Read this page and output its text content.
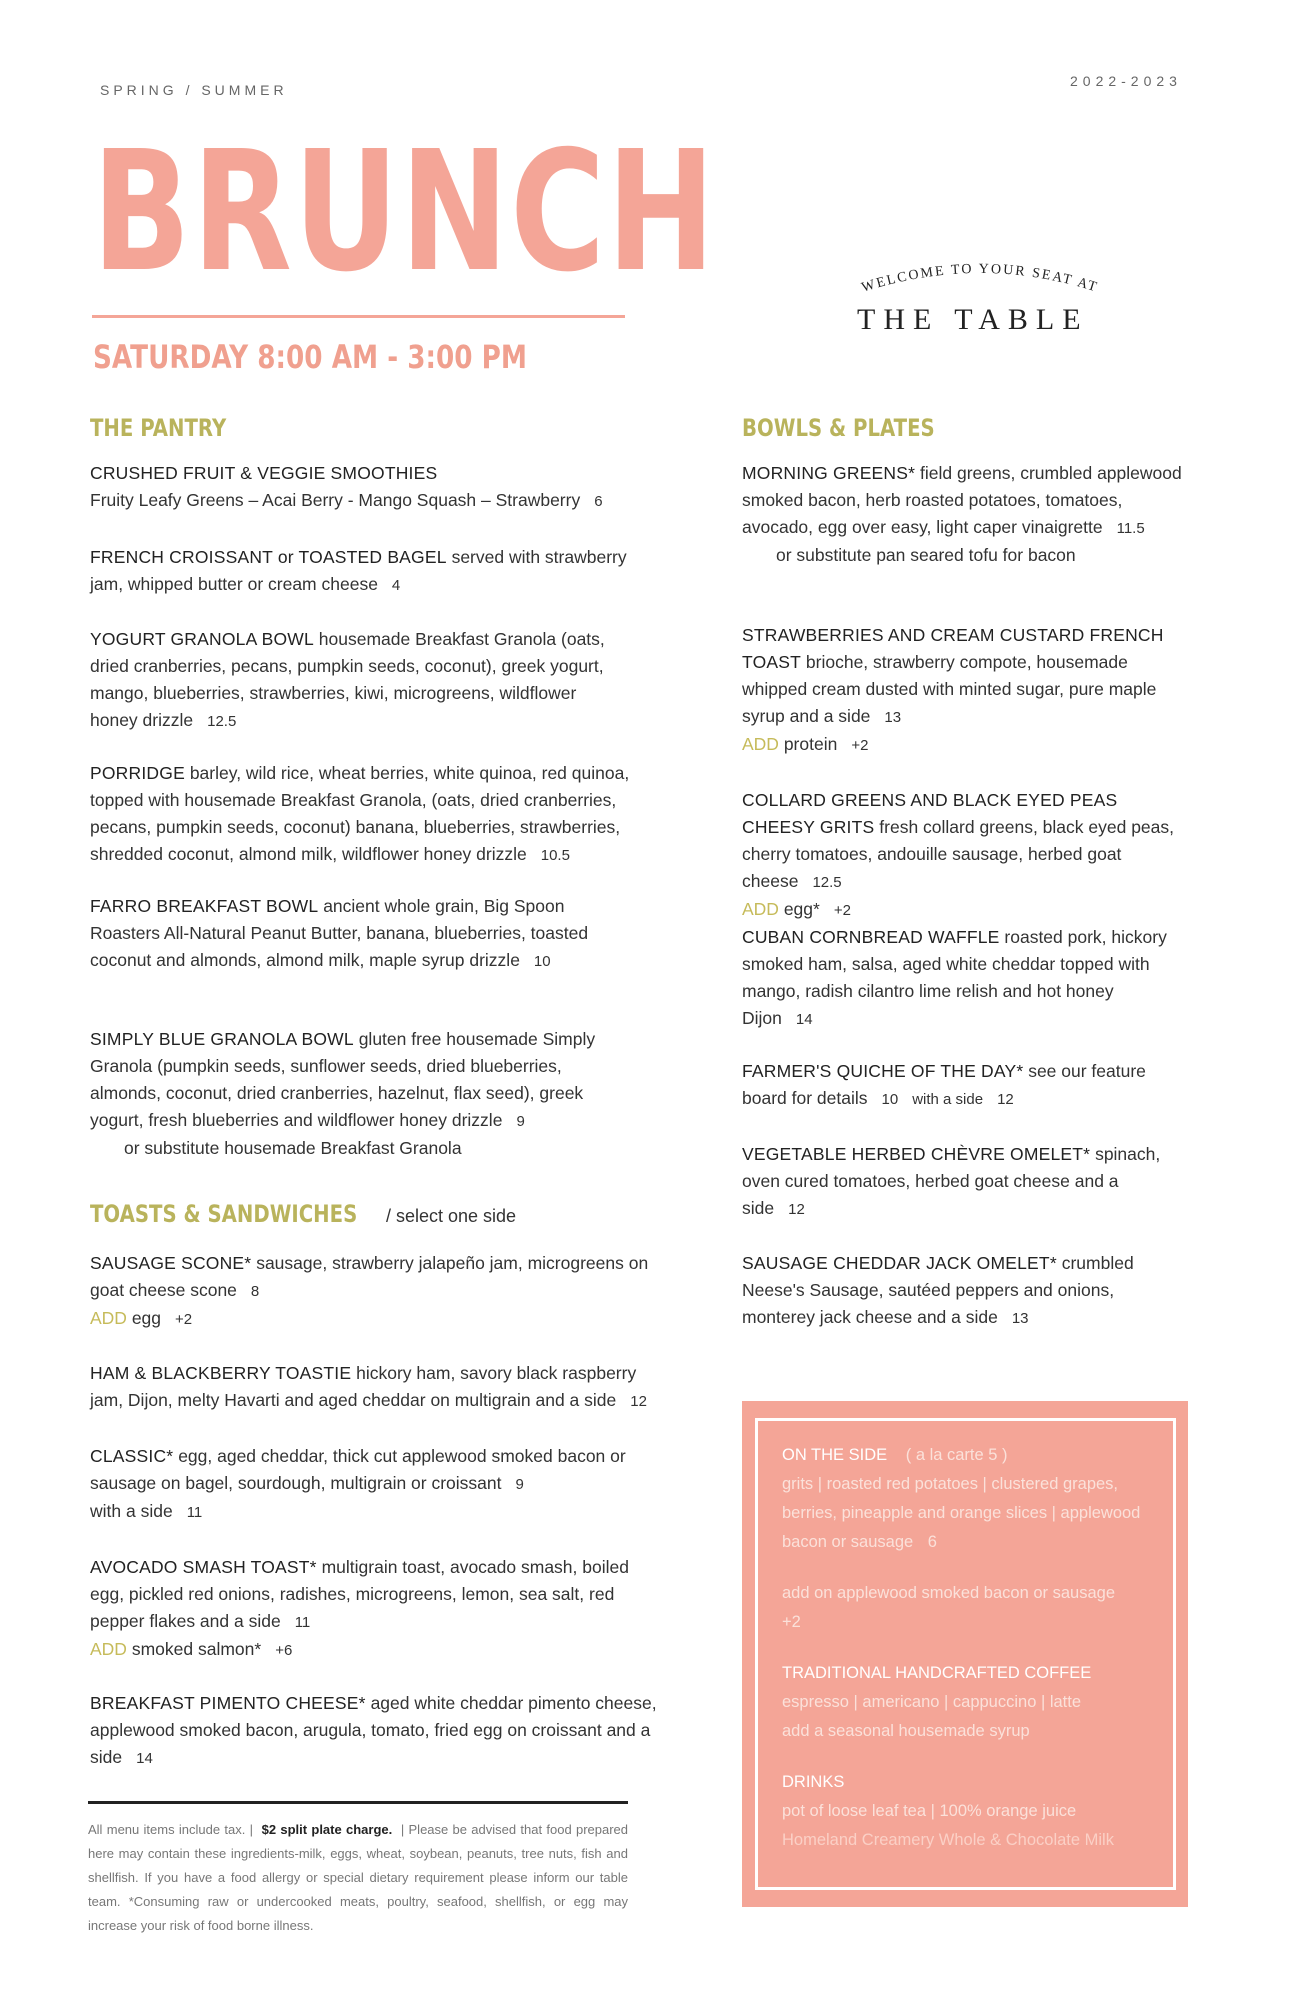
SPRING / SUMMER
2022-2023
BRUNCH
SATURDAY 8:00 AM - 3:00 PM
WELCOME TO YOUR SEAT AT
THE TABLE
THE PANTRY
CRUSHED FRUIT & VEGGIE SMOOTHIES
Fruity Leafy Greens – Acai Berry - Mango Squash – Strawberry 6
FRENCH CROISSANT or TOASTED BAGEL served with strawberry jam, whipped butter or cream cheese 4
YOGURT GRANOLA BOWL housemade Breakfast Granola (oats, dried cranberries, pecans, pumpkin seeds, coconut), greek yogurt, mango, blueberries, strawberries, kiwi, microgreens, wildflower honey drizzle 12.5
PORRIDGE barley, wild rice, wheat berries, white quinoa, red quinoa, topped with housemade Breakfast Granola, (oats, dried cranberries, pecans, pumpkin seeds, coconut) banana, blueberries, strawberries, shredded coconut, almond milk, wildflower honey drizzle 10.5
FARRO BREAKFAST BOWL ancient whole grain, Big Spoon Roasters All-Natural Peanut Butter, banana, blueberries, toasted coconut and almonds, almond milk, maple syrup drizzle 10
SIMPLY BLUE GRANOLA BOWL gluten free housemade Simply Granola (pumpkin seeds, sunflower seeds, dried blueberries, almonds, coconut, dried cranberries, hazelnut, flax seed), greek yogurt, fresh blueberries and wildflower honey drizzle 9
or substitute housemade Breakfast Granola
TOASTS & SANDWICHES / select one side
SAUSAGE SCONE* sausage, strawberry jalapeño jam, microgreens on goat cheese scone 8
ADD egg +2
HAM & BLACKBERRY TOASTIE hickory ham, savory black raspberry jam, Dijon, melty Havarti and aged cheddar on multigrain and a side 12
CLASSIC* egg, aged cheddar, thick cut applewood smoked bacon or sausage on bagel, sourdough, multigrain or croissant 9
with a side 11
AVOCADO SMASH TOAST* multigrain toast, avocado smash, boiled egg, pickled red onions, radishes, microgreens, lemon, sea salt, red pepper flakes and a side 11
ADD smoked salmon* +6
BREAKFAST PIMENTO CHEESE* aged white cheddar pimento cheese, applewood smoked bacon, arugula, tomato, fried egg on croissant and a side 14
All menu items include tax. | $2 split plate charge. | Please be advised that food prepared here may contain these ingredients-milk, eggs, wheat, soybean, peanuts, tree nuts, fish and shellfish. If you have a food allergy or special dietary requirement please inform our table team. *Consuming raw or undercooked meats, poultry, seafood, shellfish, or egg may increase your risk of food borne illness.
BOWLS & PLATES
MORNING GREENS* field greens, crumbled applewood smoked bacon, herb roasted potatoes, tomatoes, avocado, egg over easy, light caper vinaigrette 11.5
or substitute pan seared tofu for bacon
STRAWBERRIES AND CREAM CUSTARD FRENCH TOAST brioche, strawberry compote, housemade whipped cream dusted with minted sugar, pure maple syrup and a side 13
ADD protein +2
COLLARD GREENS AND BLACK EYED PEAS CHEESY GRITS fresh collard greens, black eyed peas, cherry tomatoes, andouille sausage, herbed goat cheese 12.5
ADD egg* +2
CUBAN CORNBREAD WAFFLE roasted pork, hickory smoked ham, salsa, aged white cheddar topped with mango, radish cilantro lime relish and hot honey Dijon 14
FARMER'S QUICHE OF THE DAY* see our feature board for details 10 with a side 12
VEGETABLE HERBED CHÈVRE OMELET* spinach, oven cured tomatoes, herbed goat cheese and a side 12
SAUSAGE CHEDDAR JACK OMELET* crumbled Neese's Sausage, sautéed peppers and onions, monterey jack cheese and a side 13
ON THE SIDE ( a la carte 5 )
grits | roasted red potatoes | clustered grapes, berries, pineapple and orange slices | applewood bacon or sausage 6
add on applewood smoked bacon or sausage
+2
TRADITIONAL HANDCRAFTED COFFEE
espresso | americano | cappuccino | latte
add a seasonal housemade syrup
DRINKS
pot of loose leaf tea | 100% orange juice
Homeland Creamery Whole & Chocolate Milk
